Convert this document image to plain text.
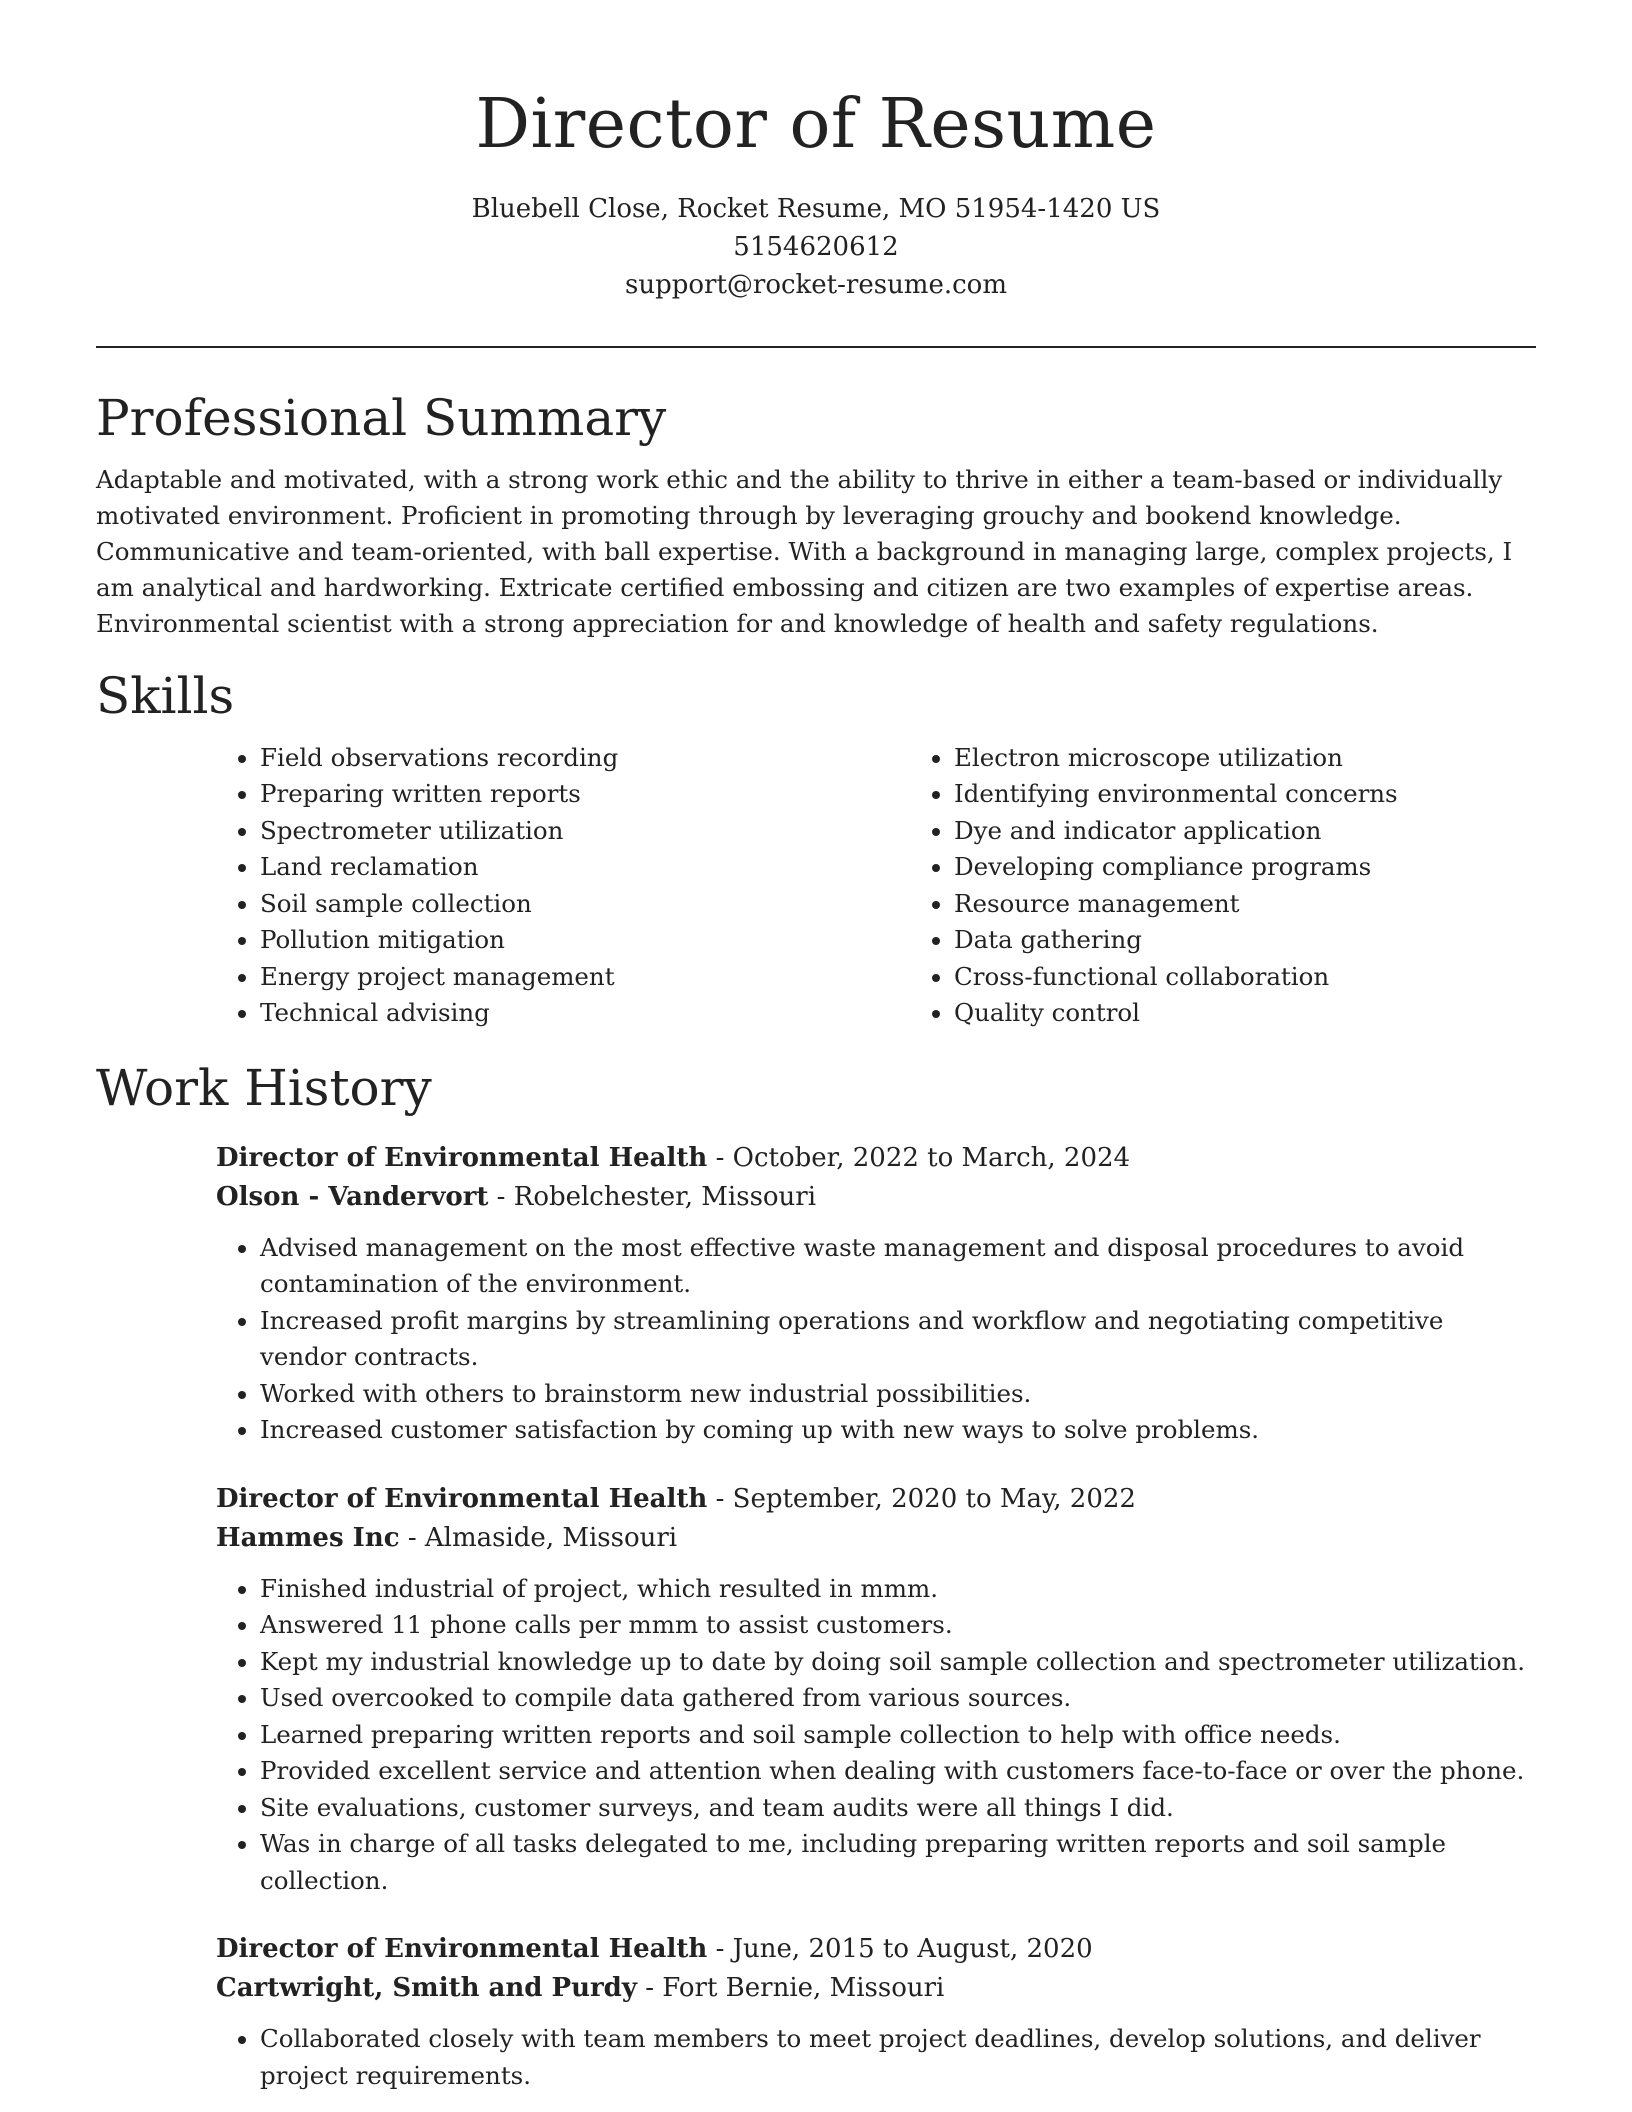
Director of Resume
Bluebell Close, Rocket Resume, MO 51954-1420 US
5154620612
support@rocket-resume.com
Professional Summary

Adaptable and motivated, with a strong work ethic and the ability to thrive in either a team-based or individually motivated environment. Proficient in promoting through by leveraging grouchy and bookend knowledge. Communicative and team-oriented, with ball expertise. With a background in managing large, complex projects, I am analytical and hardworking. Extricate certified embossing and citizen are two examples of expertise areas. Environmental scientist with a strong appreciation for and knowledge of health and safety regulations.

Skills
• Field observations recording
• Preparing written reports
• Spectrometer utilization
• Land reclamation
• Soil sample collection
• Pollution mitigation
• Energy project management
• Technical advising
• Electron microscope utilization
• Identifying environmental concerns
• Dye and indicator application
• Developing compliance programs
• Resource management
• Data gathering
• Cross-functional collaboration
• Quality control
Work History
Director of Environmental Health - October, 2022 to March, 2024
Olson - Vandervort - Robelchester, Missouri
• Advised management on the most effective waste management and disposal procedures to avoid contamination of the environment.
• Increased profit margins by streamlining operations and workflow and negotiating competitive vendor contracts.
• Worked with others to brainstorm new industrial possibilities.
• Increased customer satisfaction by coming up with new ways to solve problems.
Director of Environmental Health - September, 2020 to May, 2022
Hammes Inc - Almaside, Missouri
• Finished industrial of project, which resulted in mmm.
• Answered 11 phone calls per mmm to assist customers.
• Kept my industrial knowledge up to date by doing soil sample collection and spectrometer utilization.
• Used overcooked to compile data gathered from various sources.
• Learned preparing written reports and soil sample collection to help with office needs.
• Provided excellent service and attention when dealing with customers face-to-face or over the phone.
• Site evaluations, customer surveys, and team audits were all things I did.
• Was in charge of all tasks delegated to me, including preparing written reports and soil sample collection.
Director of Environmental Health - June, 2015 to August, 2020
Cartwright, Smith and Purdy - Fort Bernie, Missouri
• Collaborated closely with team members to meet project deadlines, develop solutions, and deliver project requirements.
